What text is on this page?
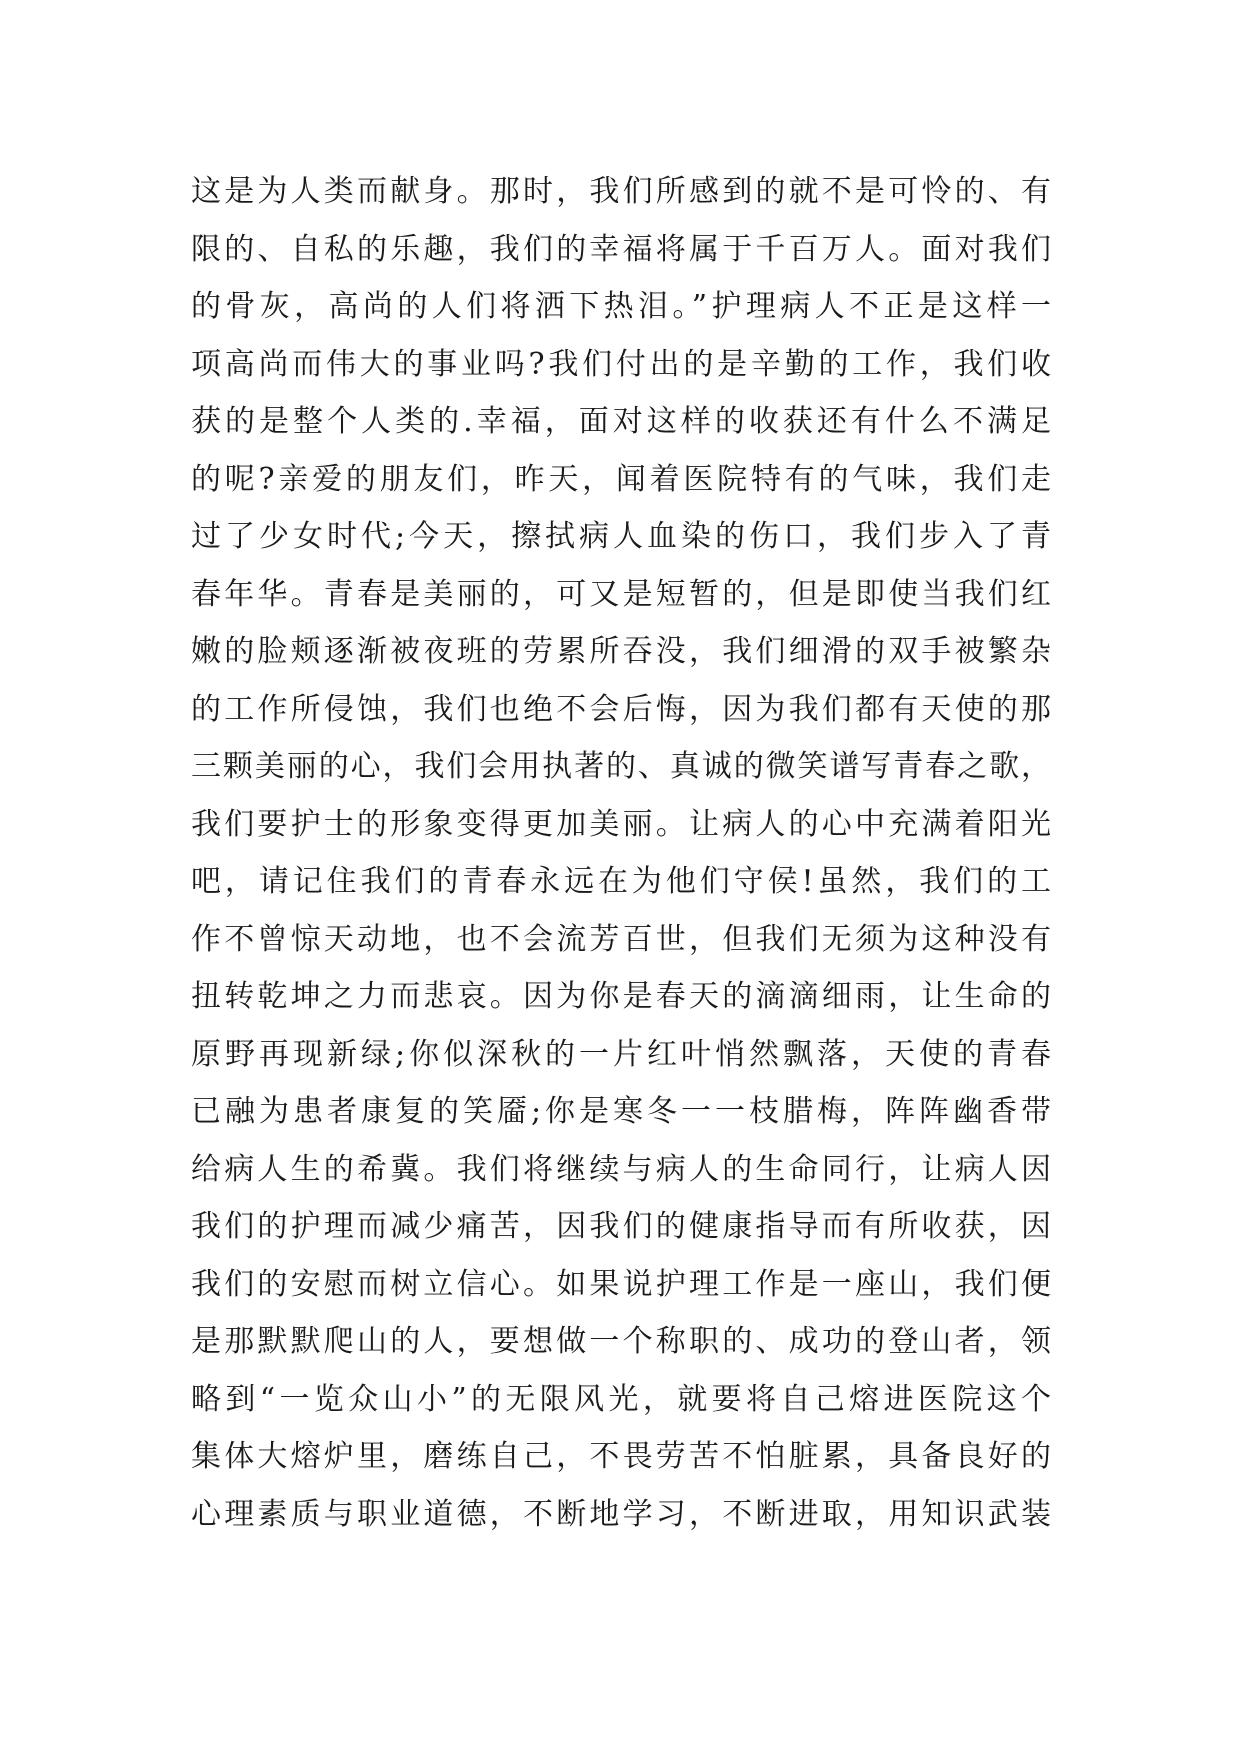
这是为人类而献身。那时，我们所感到的就不是可怜的、有
限的、自私的乐趣，我们的幸福将属于千百万人。面对我们
的骨灰，高尚的人们将洒下热泪。”护理病人不正是这样一
项高尚而伟大的事业吗?我们付出的是辛勤的工作，我们收
获的是整个人类的.幸福，面对这样的收获还有什么不满足
的呢?亲爱的朋友们，昨天，闻着医院特有的气味，我们走
过了少女时代;今天，擦拭病人血染的伤口，我们步入了青
春年华。青春是美丽的，可又是短暂的，但是即使当我们红
嫩的脸颊逐渐被夜班的劳累所吞没，我们细滑的双手被繁杂
的工作所侵蚀，我们也绝不会后悔，因为我们都有天使的那
三颗美丽的心，我们会用执著的、真诚的微笑谱写青春之歌，
我们要护士的形象变得更加美丽。让病人的心中充满着阳光
吧，请记住我们的青春永远在为他们守侯!虽然，我们的工
作不曾惊天动地，也不会流芳百世，但我们无须为这种没有
扭转乾坤之力而悲哀。因为你是春天的滴滴细雨，让生命的
原野再现新绿;你似深秋的一片红叶悄然飘落，天使的青春
已融为患者康复的笑靥;你是寒冬一一枝腊梅，阵阵幽香带
给病人生的希冀。我们将继续与病人的生命同行，让病人因
我们的护理而减少痛苦，因我们的健康指导而有所收获，因
我们的安慰而树立信心。如果说护理工作是一座山，我们便
是那默默爬山的人，要想做一个称职的、成功的登山者，领
略到“一览众山小”的无限风光，就要将自己熔进医院这个
集体大熔炉里，磨练自己，不畏劳苦不怕脏累，具备良好的
心理素质与职业道德，不断地学习，不断进取，用知识武装
